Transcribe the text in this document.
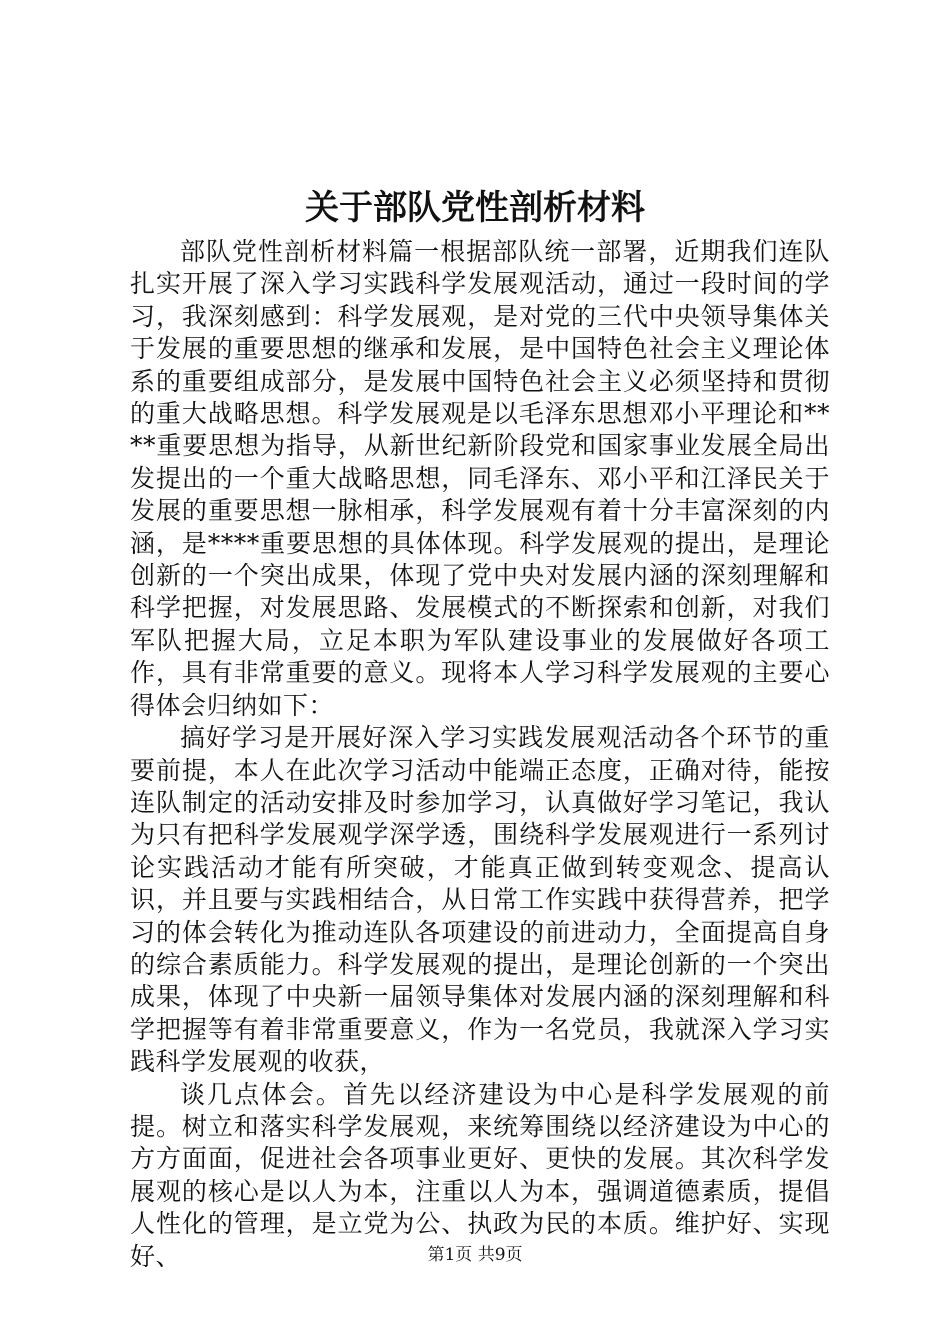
关于部队党性剖析材料

部队党性剖析材料篇一根据部队统一部署，近期我们连队扎实开展了深入学习实践科学发展观活动，通过一段时间的学习，我深刻感到：科学发展观，是对党的三代中央领导集体关于发展的重要思想的继承和发展，是中国特色社会主义理论体系的重要组成部分，是发展中国特色社会主义必须坚持和贯彻的重大战略思想。科学发展观是以毛泽东思想邓小平理论和****重要思想为指导，从新世纪新阶段党和国家事业发展全局出发提出的一个重大战略思想，同毛泽东、邓小平和江泽民关于发展的重要思想一脉相承，科学发展观有着十分丰富深刻的内涵，是****重要思想的具体体现。科学发展观的提出，是理论创新的一个突出成果，体现了党中央对发展内涵的深刻理解和科学把握，对发展思路、发展模式的不断探索和创新，对我们军队把握大局，立足本职为军队建设事业的发展做好各项工作，具有非常重要的意义。现将本人学习科学发展观的主要心得体会归纳如下：

搞好学习是开展好深入学习实践发展观活动各个环节的重要前提，本人在此次学习活动中能端正态度，正确对待，能按连队制定的活动安排及时参加学习，认真做好学习笔记，我认为只有把科学发展观学深学透，围绕科学发展观进行一系列讨论实践活动才能有所突破，才能真正做到转变观念、提高认识，并且要与实践相结合，从日常工作实践中获得营养，把学习的体会转化为推动连队各项建设的前进动力，全面提高自身的综合素质能力。科学发展观的提出，是理论创新的一个突出成果，体现了中央新一届领导集体对发展内涵的深刻理解和科学把握等有着非常重要意义，作为一名党员，我就深入学习实践科学发展观的收获，

谈几点体会。首先以经济建设为中心是科学发展观的前提。树立和落实科学发展观，来统筹围绕以经济建设为中心的方方面面，促进社会各项事业更好、更快的发展。其次科学发展观的核心是以人为本，注重以人为本，强调道德素质，提倡人性化的管理，是立党为公、执政为民的本质。维护好、实现好、	第1页 共9页
